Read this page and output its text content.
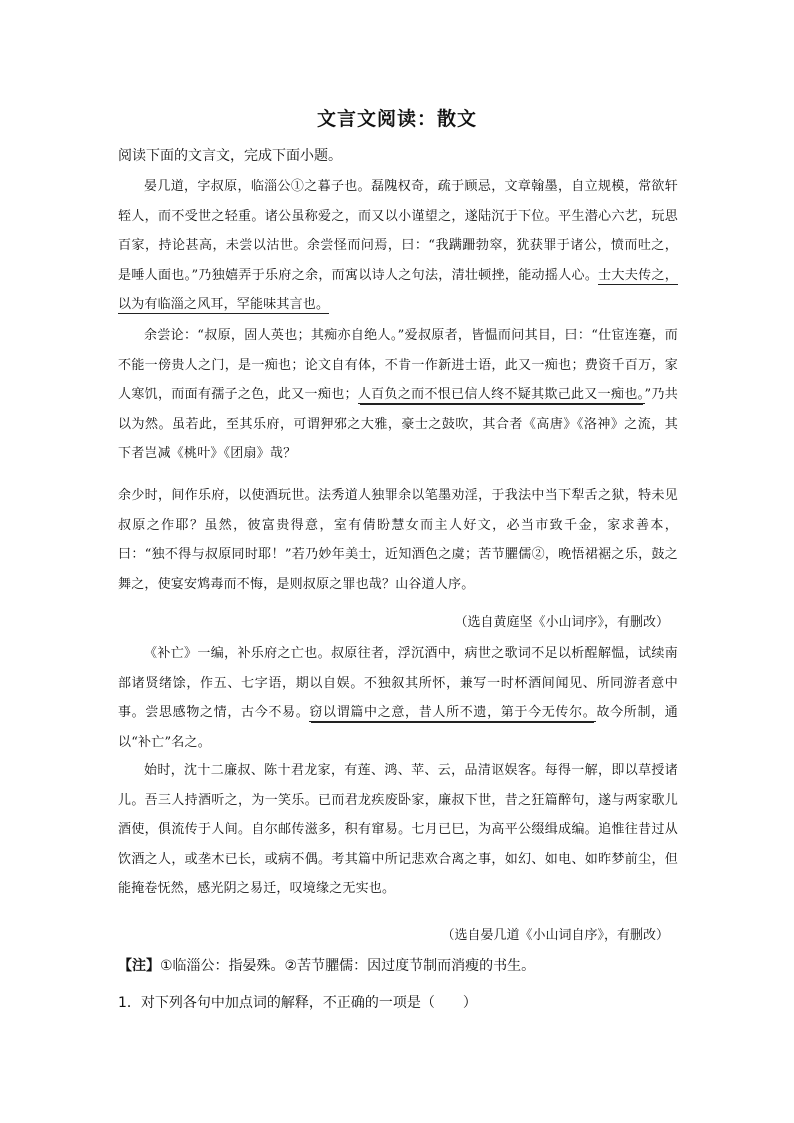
文言文阅读：散文
阅读下面的文言文，完成下面小题。
晏几道，字叔原，临淄公①之暮子也。磊隗权奇，疏于顾忌，文章翰墨，自立规模，常欲轩轾人，而不受世之轻重。诸公虽称爱之，而又以小谨望之，遂陆沉于下位。平生潜心六艺，玩思百家，持论甚高，未尝以沽世。余尝怪而问焉，曰：“我蹒跚勃窣，犹获罪于诸公，愤而吐之，是唾人面也。”乃独嬉弄于乐府之余，而寓以诗人之句法，清壮顿挫，能动摇人心。士大夫传之，以为有临淄之风耳，罕能味其言也。
余尝论：“叔原，固人英也；其痴亦自绝人。”爱叔原者，皆愠而问其目，曰：“仕宦连蹇，而不能一傍贵人之门，是一痴也；论文自有体，不肯一作新进士语，此又一痴也；费资千百万，家人寒饥，而面有孺子之色，此又一痴也；人百负之而不恨已信人终不疑其欺己此又一痴也。”乃共以为然。虽若此，至其乐府，可谓狎邪之大雅，豪士之鼓吹，其合者《高唐》《洛神》之流，其下者岂减《桃叶》《团扇》哉？
余少时，间作乐府，以使酒玩世。法秀道人独罪余以笔墨劝淫，于我法中当下犁舌之狱，特未见叔原之作耶？虽然，彼富贵得意，室有倩盼慧女而主人好文，必当市致千金，家求善本，曰：“独不得与叔原同时耶！”若乃妙年美士，近知酒色之虞；苦节臞儒②，晚悟裙裾之乐，鼓之舞之，使宴安鸩毒而不悔，是则叔原之罪也哉？山谷道人序。
（选自黄庭坚《小山词序》，有删改）
《补亡》一编，补乐府之亡也。叔原往者，浮沉酒中，病世之歌词不足以析酲解愠，试续南部诸贤绪馀，作五、七字语，期以自娱。不独叙其所怀，兼写一时杯酒间闻见、所同游者意中事。尝思感物之情，古今不易。窃以谓篇中之意，昔人所不遗，第于今无传尔。故今所制，通以“补亡”名之。
始时，沈十二廉叔、陈十君龙家，有莲、鸿、苹、云，品清讴娱客。每得一解，即以草授诸儿。吾三人持酒听之，为一笑乐。已而君龙疾废卧家，廉叔下世，昔之狂篇醉句，遂与两家歌儿酒使，俱流传于人间。自尔邮传滋多，积有窜易。七月已巳，为高平公缀缉成编。追惟往昔过从饮酒之人，或垄木已长，或病不偶。考其篇中所记悲欢合离之事，如幻、如电、如昨梦前尘，但能掩卷怃然，感光阴之易迁，叹境缘之无实也。
（选自晏几道《小山词自序》，有删改）
【注】①临淄公：指晏殊。②苦节臞儒：因过度节制而消瘦的书生。
1．对下列各句中加点词的解释，不正确的一项是（　　）
